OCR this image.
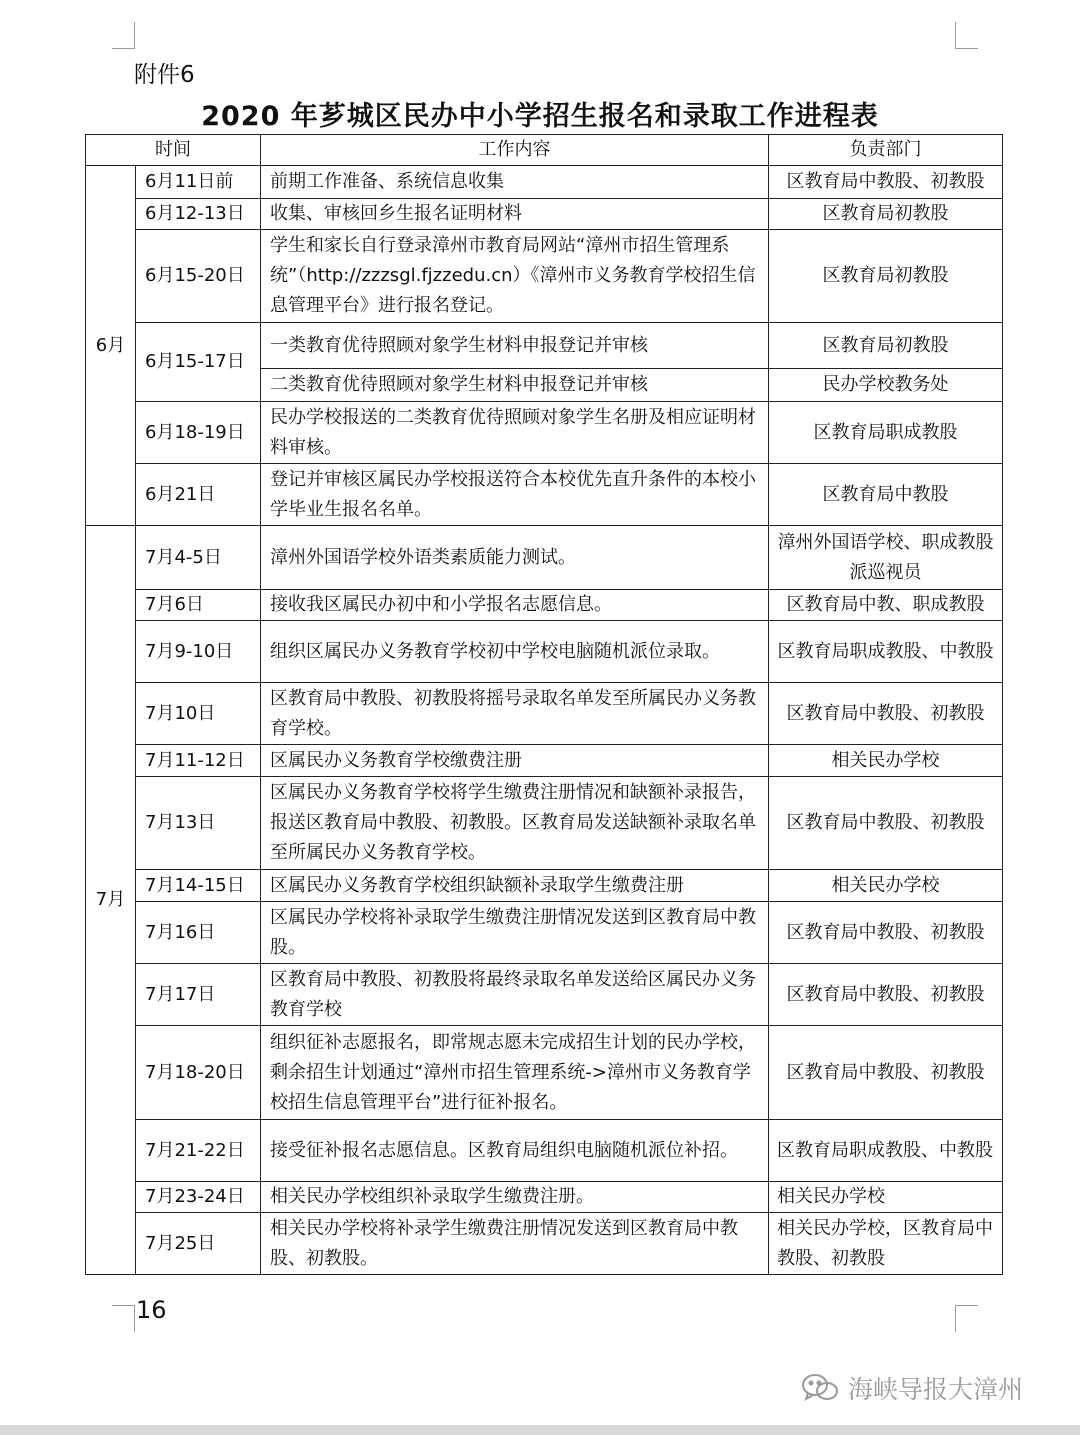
附件6
2020 年芗城区民办中小学招生报名和录取工作进程表
时间		工作内容	负责部门
6月	6月11日前	前期工作准备、系统信息收集	区教育局中教股、初教股
	6月12-13日	收集、审核回乡生报名证明材料	区教育局初教股
	6月15-20日	学生和家长自行登录漳州市教育局网站“漳州市招生管理系统”（http://zzzsgl.fjzzedu.cn）《漳州市义务教育学校招生信息管理平台》进行报名登记。	区教育局初教股
	6月15-17日	一类教育优待照顾对象学生材料申报登记并审核	区教育局初教股
		二类教育优待照顾对象学生材料申报登记并审核	民办学校教务处
	6月18-19日	民办学校报送的二类教育优待照顾对象学生名册及相应证明材料审核。	区教育局职成教股
	6月21日	登记并审核区属民办学校报送符合本校优先直升条件的本校小学毕业生报名名单。	区教育局中教股
7月	7月4-5日	漳州外国语学校外语类素质能力测试。	漳州外国语学校、职成教股派巡视员
	7月6日	接收我区属民办初中和小学报名志愿信息。	区教育局中教、职成教股
	7月9-10日	组织区属民办义务教育学校初中学校电脑随机派位录取。	区教育局职成教股、中教股
	7月10日	区教育局中教股、初教股将摇号录取名单发至所属民办义务教育学校。	区教育局中教股、初教股
	7月11-12日	区属民办义务教育学校缴费注册	相关民办学校
	7月13日	区属民办义务教育学校将学生缴费注册情况和缺额补录报告，报送区教育局中教股、初教股。区教育局发送缺额补录取名单至所属民办义务教育学校。	区教育局中教股、初教股
	7月14-15日	区属民办义务教育学校组织缺额补录取学生缴费注册	相关民办学校
	7月16日	区属民办学校将补录取学生缴费注册情况发送到区教育局中教股。	区教育局中教股、初教股
	7月17日	区教育局中教股、初教股将最终录取名单发送给区属民办义务教育学校	区教育局中教股、初教股
	7月18-20日	组织征补志愿报名，即常规志愿未完成招生计划的民办学校，剩余招生计划通过“漳州市招生管理系统->漳州市义务教育学校招生信息管理平台”进行征补报名。	区教育局中教股、初教股
	7月21-22日	接受征补报名志愿信息。区教育局组织电脑随机派位补招。	区教育局职成教股、中教股
	7月23-24日	相关民办学校组织补录取学生缴费注册。	相关民办学校
	7月25日	相关民办学校将补录学生缴费注册情况发送到区教育局中教股、初教股。	相关民办学校，区教育局中教股、初教股
16
海峡导报大漳州
